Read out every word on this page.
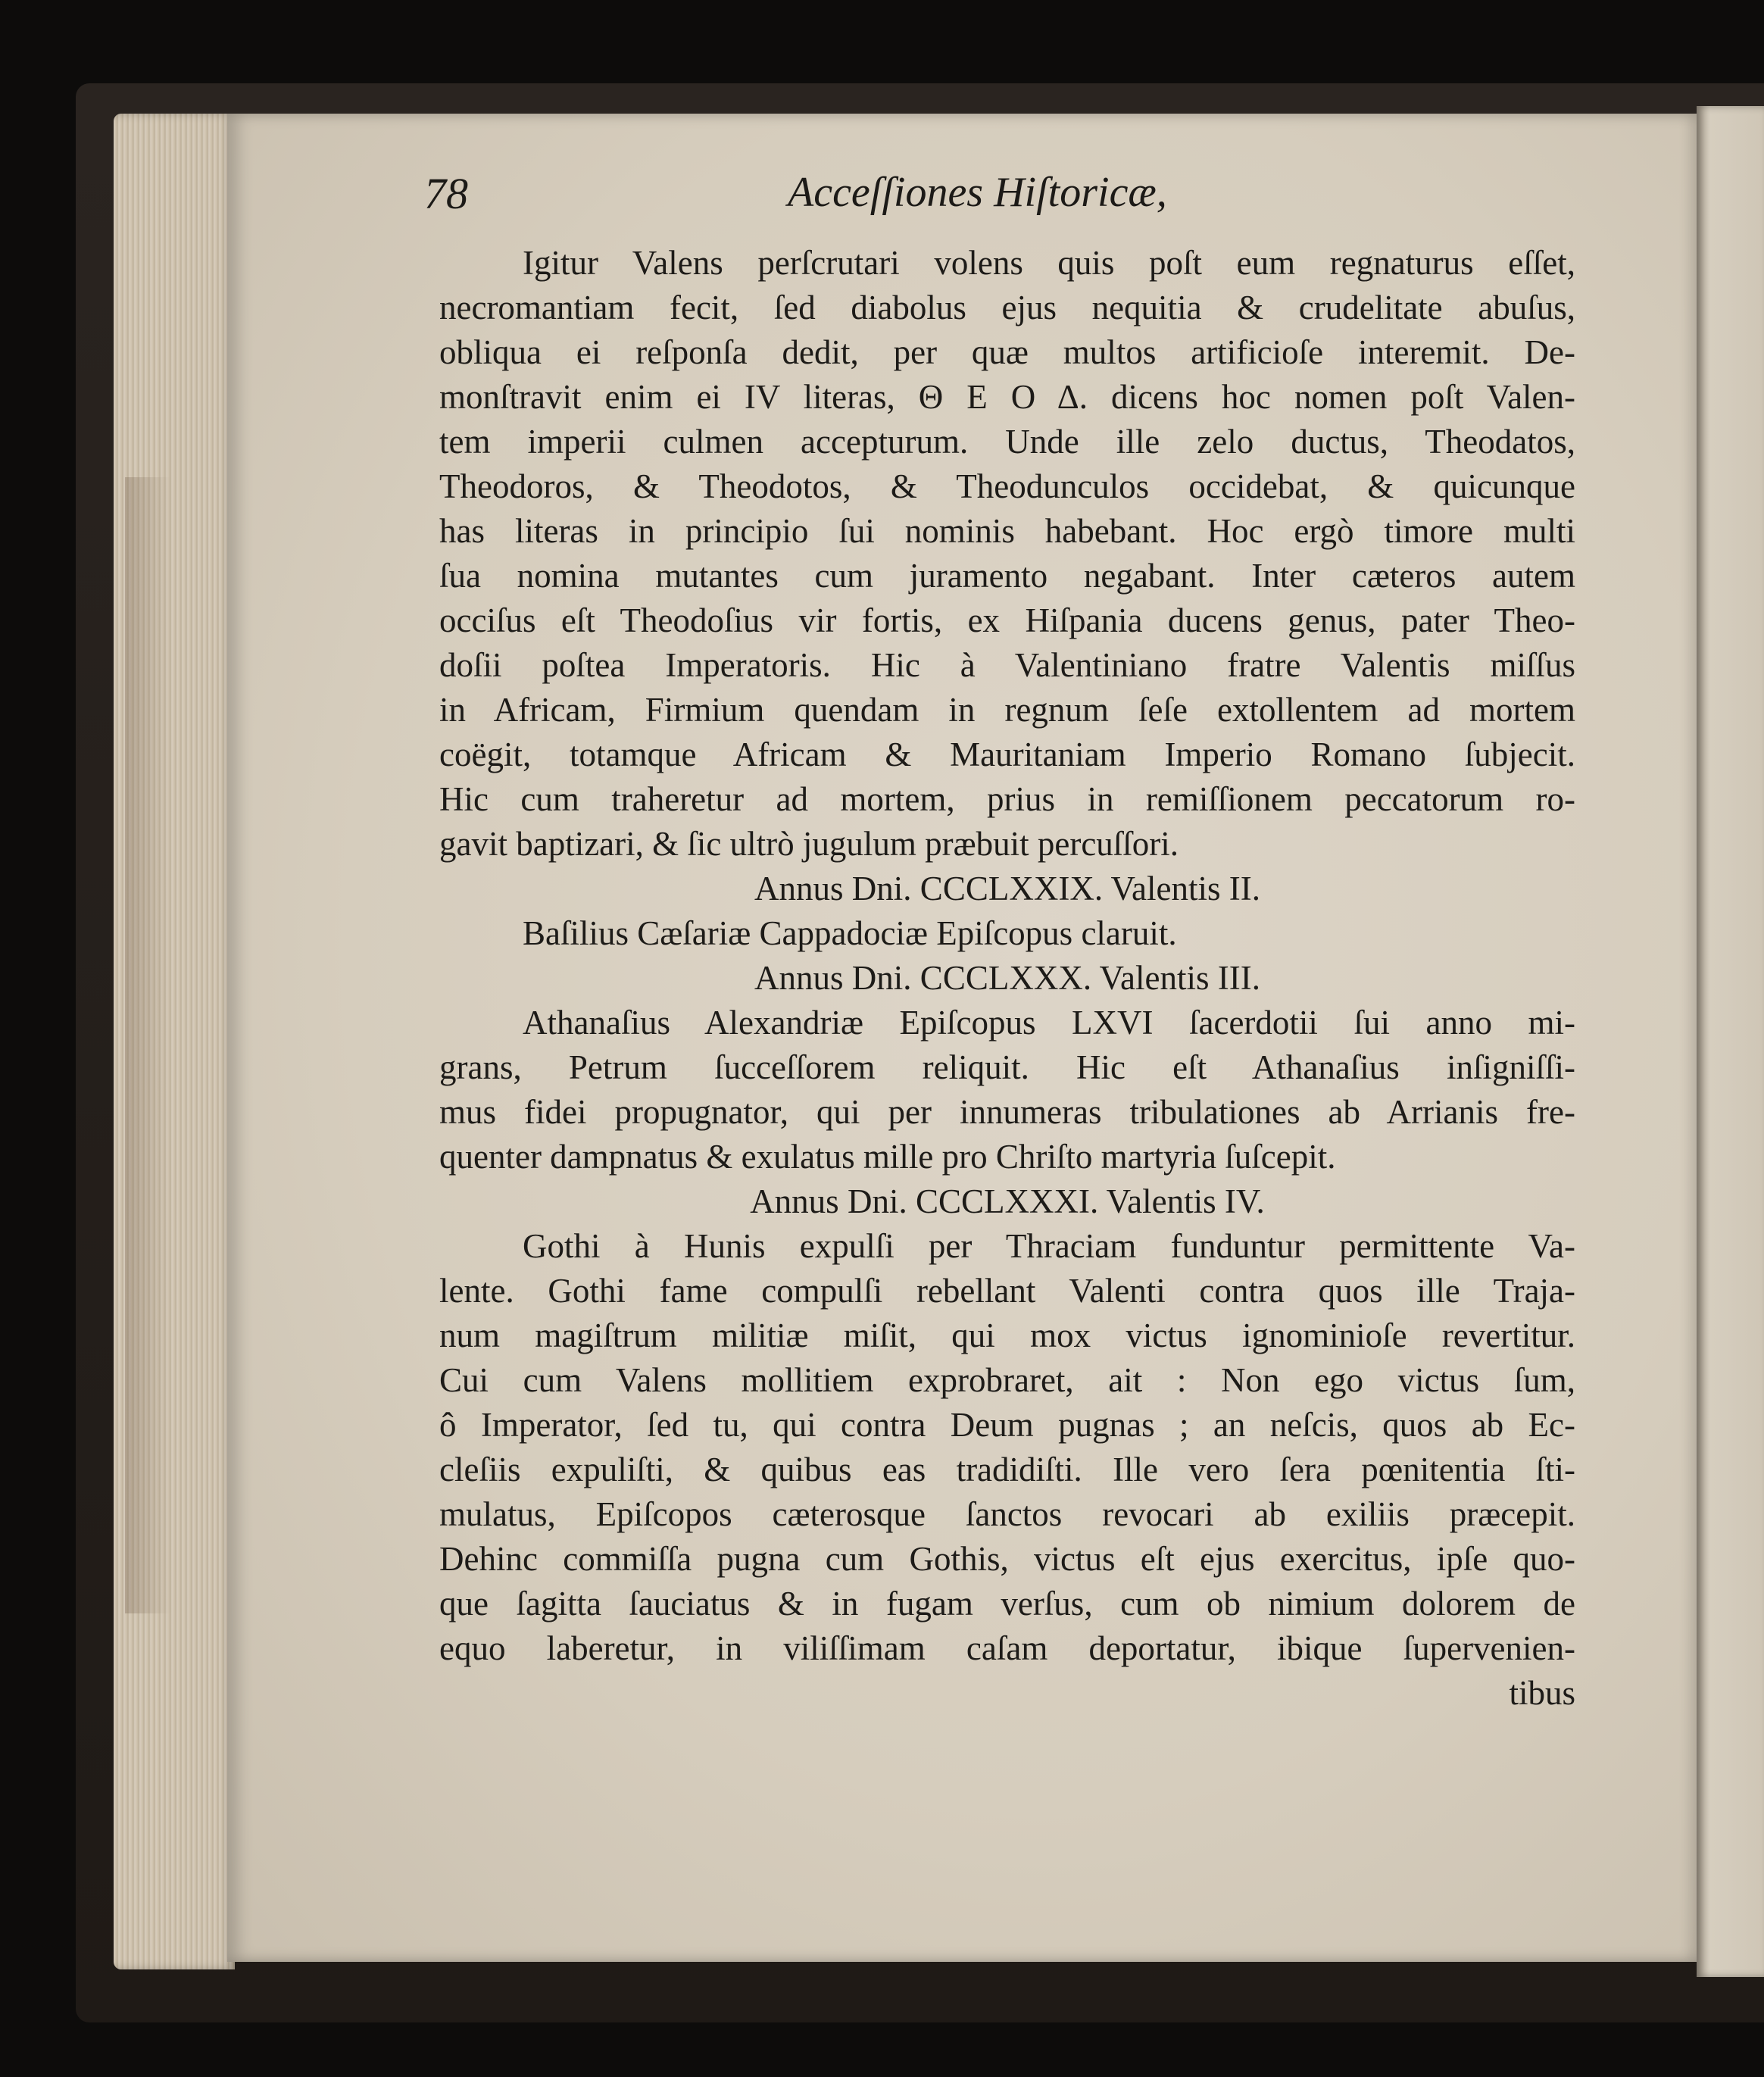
78	Acceſſiones Hiſtoricæ,
Igitur Valens perſcrutari volens quis poſt eum regnaturus eſſet,
necromantiam fecit, ſed diabolus ejus nequitia & crudelitate abuſus,
obliqua ei reſponſa dedit, per quæ multos artificioſe interemit. De-
monſtravit enim ei IV literas, Θ Ε Ο Δ. dicens hoc nomen poſt Valen-
tem imperii culmen accepturum. Unde ille zelo ductus, Theodatos,
Theodoros, & Theodotos, & Theodunculos occidebat, & quicunque
has literas in principio ſui nominis habebant. Hoc ergò timore multi
ſua nomina mutantes cum juramento negabant. Inter cæteros autem
occiſus eſt Theodoſius vir fortis, ex Hiſpania ducens genus, pater Theo-
doſii poſtea Imperatoris. Hic à Valentiniano fratre Valentis miſſus
in Africam, Firmium quendam in regnum ſeſe extollentem ad mortem
coëgit, totamque Africam & Mauritaniam Imperio Romano ſubjecit.
Hic cum traheretur ad mortem, prius in remiſſionem peccatorum ro-
gavit baptizari, & ſic ultrò jugulum præbuit percuſſori.
Annus Dni. CCCLXXIX. Valentis II.
Baſilius Cæſariæ Cappadociæ Epiſcopus claruit.
Annus Dni. CCCLXXX. Valentis III.
Athanaſius Alexandriæ Epiſcopus LXVI ſacerdotii ſui anno mi-
grans, Petrum ſucceſſorem reliquit. Hic eſt Athanaſius inſigniſſi-
mus fidei propugnator, qui per innumeras tribulationes ab Arrianis fre-
quenter dampnatus & exulatus mille pro Chriſto martyria ſuſcepit.
Annus Dni. CCCLXXXI. Valentis IV.
Gothi à Hunis expulſi per Thraciam funduntur permittente Va-
lente. Gothi fame compulſi rebellant Valenti contra quos ille Traja-
num magiſtrum militiæ miſit, qui mox victus ignominioſe revertitur.
Cui cum Valens mollitiem exprobraret, ait : Non ego victus ſum,
ô Imperator, ſed tu, qui contra Deum pugnas ; an neſcis, quos ab Ec-
cleſiis expuliſti, & quibus eas tradidiſti. Ille vero ſera pœnitentia ſti-
mulatus, Epiſcopos cæterosque ſanctos revocari ab exiliis præcepit.
Dehinc commiſſa pugna cum Gothis, victus eſt ejus exercitus, ipſe quo-
que ſagitta ſauciatus & in fugam verſus, cum ob nimium dolorem de
equo laberetur, in viliſſimam caſam deportatur, ibique ſupervenien-
tibus
